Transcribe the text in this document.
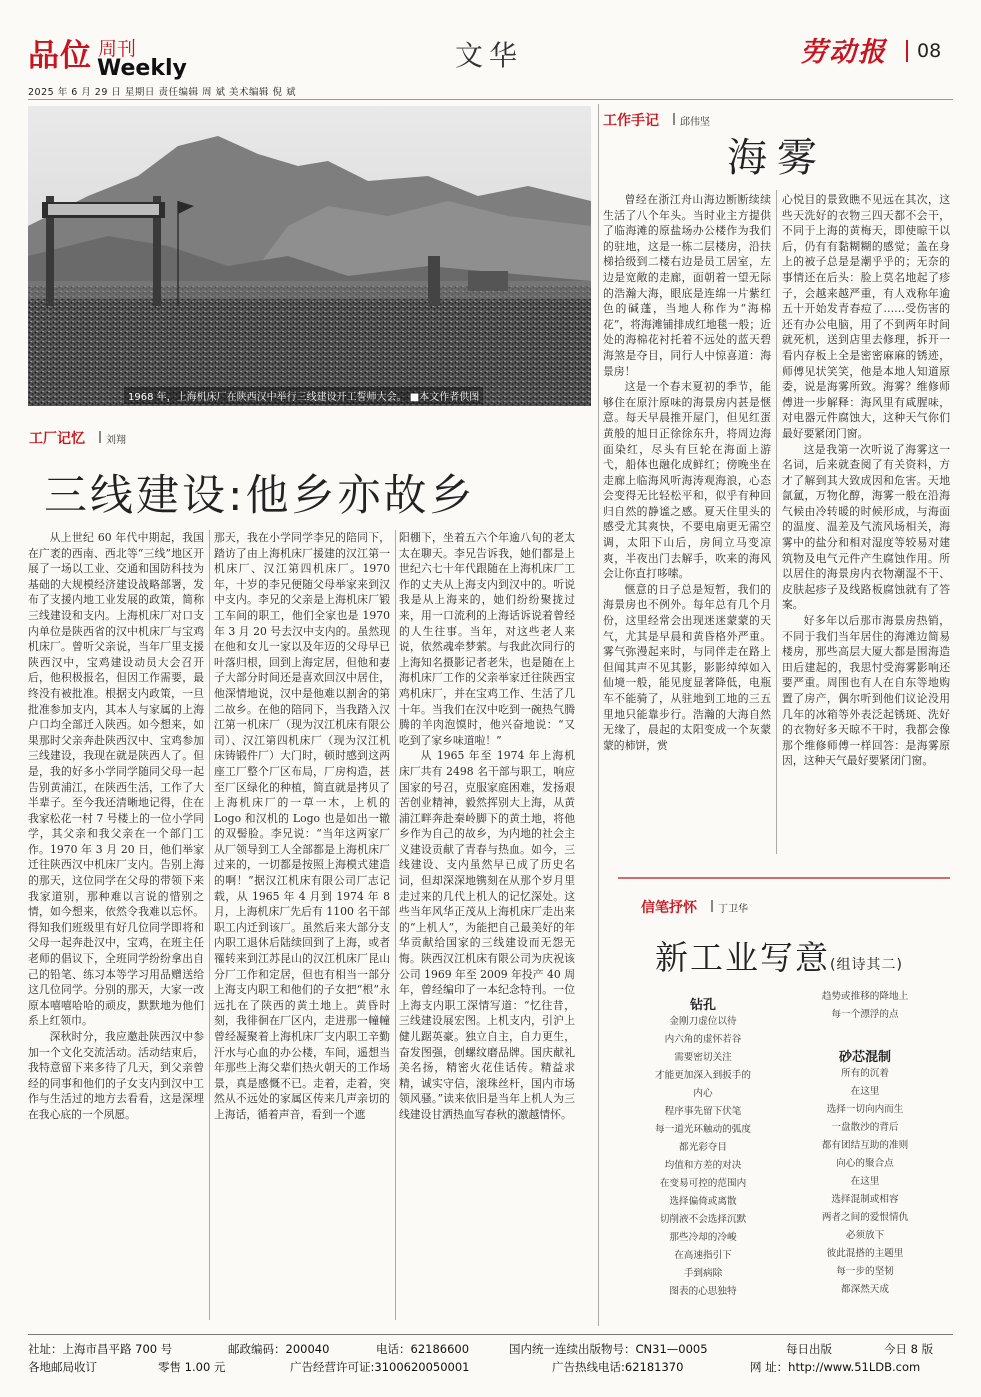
品位 周刊
Weekly	文华	劳动报 08
2025 年 6 月 29 日 星期日 责任编辑 周 斌 美术编辑 倪 斌
1968 年，上海机床厂在陕西汉中举行三线建设开工誓师大会。 ■本文作者供图
工厂记忆 刘翔
三线建设:他乡亦故乡

从上世纪 60 年代中期起，我国在广袤的西南、西北等“三线”地区开展了一场以工业、交通和国防科技为基础的大规模经济建设战略部署，发布了支援内地工业发展的政策，简称三线建设和支内。上海机床厂对口支内单位是陕西省的汉中机床厂与宝鸡机床厂。曾听父亲说，当年厂里支援陕西汉中，宝鸡建设动员大会召开后，他积极报名，但因工作需要，最终没有被批准。根据支内政策，一旦批准参加支内，其本人与家属的上海户口均全部迁入陕西。如今想来，如果那时父亲奔赴陕西汉中、宝鸡参加三线建设，我现在就是陕西人了。但是，我的好多小学同学随同父母一起告别黄浦江，在陕西生活，工作了大半辈子。至今我还清晰地记得，住在我家松花一村 7 号楼上的一位小学同学，其父亲和我父亲在一个部门工作。1970 年 3 月 20 日，他们举家迁往陕西汉中机床厂支内。告别上海的那天，这位同学在父母的带领下来我家道别，那种难以言说的惜别之情，如今想来，依然令我难以忘怀。得知我们班级里有好几位同学即将和父母一起奔赴汉中，宝鸡，在班主任老师的倡议下，全班同学纷纷拿出自己的铅笔、练习本等学习用品赠送给这几位同学。分别的那天，大家一改原本嘻嘻哈哈的顽皮，默默地为他们系上红领巾。

深秋时分，我应邀赴陕西汉中参加一个文化交流活动。活动结束后，我特意留下来多待了几天，到父亲曾经的同事和他们的子女支内到汉中工作与生活过的地方去看看，这是深埋在我心底的一个夙愿。

那天，我在小学同学李兄的陪同下，踏访了由上海机床厂援建的汉江第一机床厂、汉江第四机床厂。1970 年，十岁的李兄便随父母举家来到汉中支内。李兄的父亲是上海机床厂锻工车间的职工，他们全家也是 1970 年 3 月 20 号去汉中支内的。虽然现在他和女儿一家以及年迈的父母早已叶落归根，回到上海定居，但他和妻子大部分时间还是喜欢回汉中居住，他深情地说，汉中是他难以割舍的第二故乡。在他的陪同下，当我踏入汉江第一机床厂（现为汉江机床有限公司）、汉江第四机床厂（现为汉江机床铸锻件厂）大门时，顿时感到这两座工厂整个厂区布局，厂房构造，甚至厂区绿化的种植，简直就是拷贝了上海机床厂的一草一木，上机的 Logo 和汉机的 Logo 也是如出一辙的双髻脸。李兄说：“当年这两家厂从厂领导到工人全部都是上海机床厂过来的，一切都是按照上海模式建造的啊！”据汉江机床有限公司厂志记载，从 1965 年 4 月到 1974 年 8 月，上海机床厂先后有 1100 名干部职工内迁到该厂。虽然后来大部分支内职工退休后陆续回到了上海，或者罹转来到江苏昆山的汉江机床厂昆山分厂工作和定居，但也有相当一部分上海支内职工和他们的子女把“根”永远扎在了陕西的黄土地上。黄昏时刻，我徘徊在厂区内，走进那一幢幢曾经凝聚着上海机床厂支内职工辛勤汗水与心血的办公楼，车间，遥想当年那些上海父辈们热火朝天的工作场景，真是感慨不已。走着，走着，突然从不远处的家属区传来几声亲切的上海话，循着声音，看到一个遮

阳棚下，坐着五六个年逾八旬的老太太在聊天。李兄告诉我，她们都是上世纪六七十年代跟随在上海机床厂工作的丈夫从上海支内到汉中的。听说我是从上海来的，她们纷纷聚拢过来，用一口流利的上海话诉说着曾经的人生往事。当年，对这些老人来说，依然魂牵梦萦。与我此次同行的上海知名摄影记者老朱，也是随在上海机床厂工作的父亲举家迁往陕西宝鸡机床厂，并在宝鸡工作、生活了几十年。当我们在汉中吃到一碗热气腾腾的羊肉泡馍时，他兴奋地说：“又吃到了家乡味道啦！”

从 1965 年至 1974 年上海机床厂共有 2498 名干部与职工，响应国家的号召，克服家庭困难，发扬艰苦创业精神，毅然挥别大上海，从黄浦江畔奔赴秦岭脚下的黄土地，将他乡作为自己的故乡，为内地的社会主义建设贡献了青春与热血。如今，三线建设、支内虽然早已成了历史名词，但却深深地镌刻在从那个岁月里走过来的几代上机人的记忆深处。这些当年风华正茂从上海机床厂走出来的“上机人”，为能把自己最美好的年华贡献给国家的三线建设而无怨无悔。陕西汉江机床有限公司为庆祝该公司 1969 年至 2009 年投产 40 周年，曾经编印了一本纪念特刊。一位上海支内职工深情写道：“忆往昔，三线建设展宏图。上机支内，引沪上健儿踞英豪。独立自主，自力更生，奋发图强，创螺纹磨品牌。国庆献礼美名扬，精密火花佳话传。精益求精，诚实守信，滚珠丝杆，国内市场领风骚。”读来依旧是当年上机人为三线建设甘洒热血写春秋的激越情怀。

工作手记 邱伟坚
海雾

曾经在浙江舟山海边断断续续生活了八个年头。当时业主方提供了临海滩的原盐场办公楼作为我们的驻地，这是一栋二层楼房，沿扶梯拾级到二楼右边是员工居室，左边是宽敞的走廊，面朝着一望无际的浩瀚大海，眼底是连绵一片紫红色的碱蓬，当地人称作为“海棉花”，将海滩铺排成红地毯一般；近处的海棉花衬托着不远处的蓝天碧海煞是夺目，同行人中惊喜道：海景房！

这是一个春末夏初的季节，能够住在原汁原味的海景房内甚是惬意。每天早晨推开屋门，但见红蛋黄般的旭日正徐徐东升，将周边海面染红，尽头有巨轮在海面上游弋，船体也融化成鲜红；傍晚坐在走廊上临海风听海涛观海浪，心态会变得无比轻松平和，似乎有种回归自然的静谧之感。夏天住里头的感受尤其爽快，不要电扇更无需空调，太阳下山后，房间立马变凉爽，半夜出门去解手，吹来的海风会让你直打哆嗦。

惬意的日子总是短暂，我们的海景房也不例外。每年总有几个月份，这里经常会出现迷迷蒙蒙的天气，尤其是早晨和黄昏格外严重。雾气弥漫起来时，与同伴走在路上但闻其声不见其影，影影绰绰如入仙境一般，能见度显著降低，电瓶车不能骑了，从驻地到工地的三五里地只能靠步行。浩瀚的大海自然无缘了，晨起的太阳变成一个灰蒙蒙的柿饼，赏

心悦目的景致瞧不见远在其次，这些天洗好的衣物三四天都不会干，不同于上海的黄梅天，即使晾干以后，仍有有黏糊糊的感觉；盖在身上的被子总是是潮乎乎的；无奈的事情还在后头：脸上莫名地起了疹子，会越来越严重，有人戏称年逾五十开始发青春痘了……受伤害的还有办公电脑，用了不到两年时间就死机，送到店里去修理，拆开一看内存板上全是密密麻麻的锈迹，师傅见状笑笑，他是本地人知道原委，说是海雾所致。海雾？维修师傅进一步解释：海风里有咸腥味，对电器元件腐蚀大，这种天气你们最好要紧闭门窗。

这是我第一次听说了海雾这一名词，后来就查阅了有关资料，方才了解到其大致成因和危害。天地氤氲，万物化醇，海雾一般在沿海气候由冷转暖的时候形成，与海面的温度、温差及气流风场相关，海雾中的盐分和相对湿度等较易对建筑物及电气元件产生腐蚀作用。所以居住的海景房内衣物潮湿不干、皮肤起疹子及线路板腐蚀就有了答案。

好多年以后那市海景房热销，不同于我们当年居住的海滩边简易楼房，那些高层大厦大都是围海造田后建起的，我思忖受海雾影响还要严重。周围也有人在自东等地购置了房产，偶尔听到他们议论没用几年的冰箱等外表泛起锈斑、洗好的衣物好多天晾不干时，我都会像那个维修师傅一样回答：是海雾原因，这种天气最好要紧闭门窗。

信笔抒怀 丁卫华
新工业写意(组诗其二)
钻孔
金刚刀虚位以待
内六角的虚怀若谷
需要密切关注
才能更加深入到扳手的
内心
程序事先留下伏笔
每一道光环触动的弧度
都光彩夺目
均值和方差的对决
在变易可控的范围内
选择偏倚或离散
切削液不会选择沉默
那些冷却的冷峻
在高速指引下
手到病除
图表的心思独特
趋势或推移的降地上
每一个漂浮的点
砂芯混制
所有的沉着
在这里
选择一切向内而生
一盘散沙的背后
都有团结互助的准则
向心的聚合点
在这里
选择混制或相容
两者之间的爱恨情仇
必须放下
彼此混搭的主题里
每一步的坚韧
都深然天成
社址：上海市昌平路 700 号	邮政编码：200040	电话：62186600	国内统一连续出版物号：CN31—0005	每日出版	今日 8 版
各地邮局收订	零售 1.00 元	广告经营许可证:3100620050001	广告热线电话:62181370	网 址：http://www.51LDB.com
